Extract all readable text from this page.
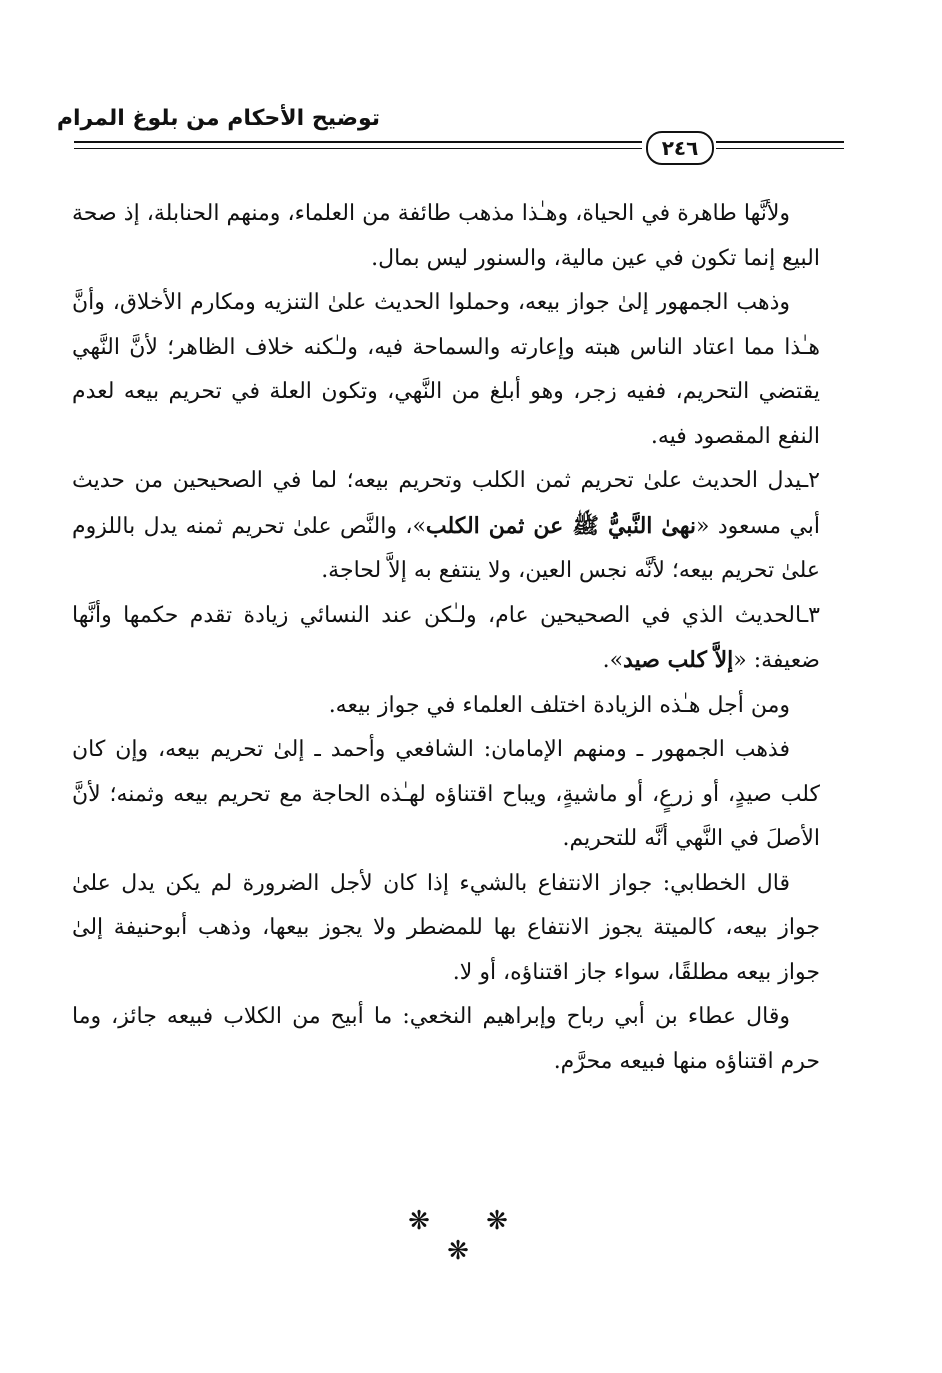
توضيح الأحكام من بلوغ المرام
٢٤٦

ولأنَّها طاهرة في الحياة، وهـٰذا مذهب طائفة من العلماء، ومنهم الحنابلة، إذ صحة البيع إنما تكون في عين مالية، والسنور ليس بمال.

وذهب الجمهور إلىٰ جواز بيعه، وحملوا الحديث علىٰ التنزيه ومكارم الأخلاق، وأنَّ هـٰذا مما اعتاد الناس هبته وإعارته والسماحة فيه، ولـٰكنه خلاف الظاهر؛ لأنَّ النَّهي يقتضي التحريم، ففيه زجر، وهو أبلغ من النَّهي، وتكون العلة في تحريم بيعه لعدم النفع المقصود فيه.

٢ـيدل الحديث علىٰ تحريم ثمن الكلب وتحريم بيعه؛ لما في الصحيحين من حديث أبي مسعود «نهىٰ النَّبيُّ ﷺ عن ثمن الكلب»، والنَّص علىٰ تحريم ثمنه يدل باللزوم علىٰ تحريم بيعه؛ لأنَّه نجس العين، ولا ينتفع به إلاَّ لحاجة.

٣ـالحديث الذي في الصحيحين عام، ولـٰكن عند النسائي زيادة تقدم حكمها وأنَّها ضعيفة: «إلاَّ كلب صيد».

ومن أجل هـٰذه الزيادة اختلف العلماء في جواز بيعه.

فذهب الجمهور ـ ومنهم الإمامان: الشافعي وأحمد ـ إلىٰ تحريم بيعه، وإن كان كلب صيدٍ، أو زرعٍ، أو ماشيةٍ، ويباح اقتناؤه لهـٰذه الحاجة مع تحريم بيعه وثمنه؛ لأنَّ الأصلَ في النَّهي أنَّه للتحريم.

قال الخطابي: جواز الانتفاع بالشيء إذا كان لأجل الضرورة لم يكن يدل علىٰ جواز بيعه، كالميتة يجوز الانتفاع بها للمضطر ولا يجوز بيعها، وذهب أبوحنيفة إلىٰ جواز بيعه مطلقًا، سواء جاز اقتناؤه، أو لا.

وقال عطاء بن أبي رباح وإبراهيم النخعي: ما أبيح من الكلاب فبيعه جائز، وما حرم اقتناؤه منها فبيعه محرَّم.

❋ ❋ ❋
